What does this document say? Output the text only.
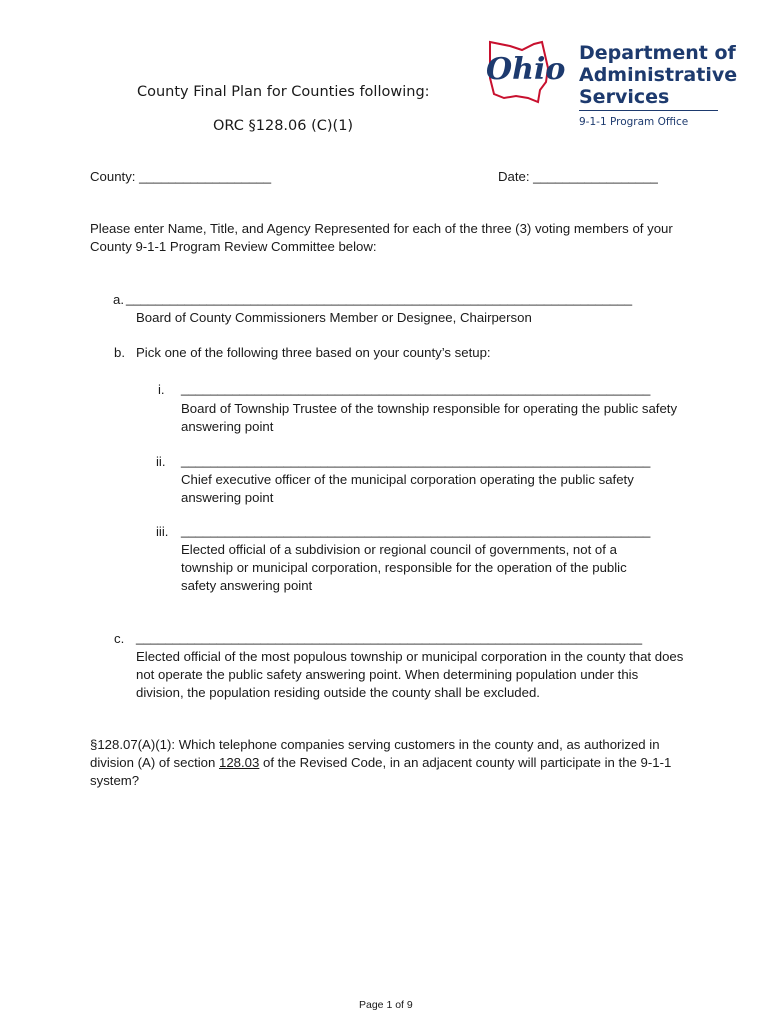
County Final Plan for Counties following:
ORC §128.06 (C)(1)
Ohio Department of
Administrative
Services
9-1-1 Program Office
County: __________________	Date: _________________
Please enter Name, Title, and Agency Represented for each of the three (3) voting members of your County 9-1-1 Program Review Committee below:
a. _____________________________________________________________________
Board of County Commissioners Member or Designee, Chairperson
b. Pick one of the following three based on your county’s setup:
i. ________________________________________________________________
Board of Township Trustee of the township responsible for operating the public safety answering point
ii. ________________________________________________________________
Chief executive officer of the municipal corporation operating the public safety answering point
iii. ________________________________________________________________
Elected official of a subdivision or regional council of governments, not of a township or municipal corporation, responsible for the operation of the public safety answering point
c. _____________________________________________________________________
Elected official of the most populous township or municipal corporation in the county that does not operate the public safety answering point. When determining population under this division, the population residing outside the county shall be excluded.
§128.07(A)(1): Which telephone companies serving customers in the county and, as authorized in division (A) of section 128.03 of the Revised Code, in an adjacent county will participate in the 9-1-1 system?
Page 1 of 9
